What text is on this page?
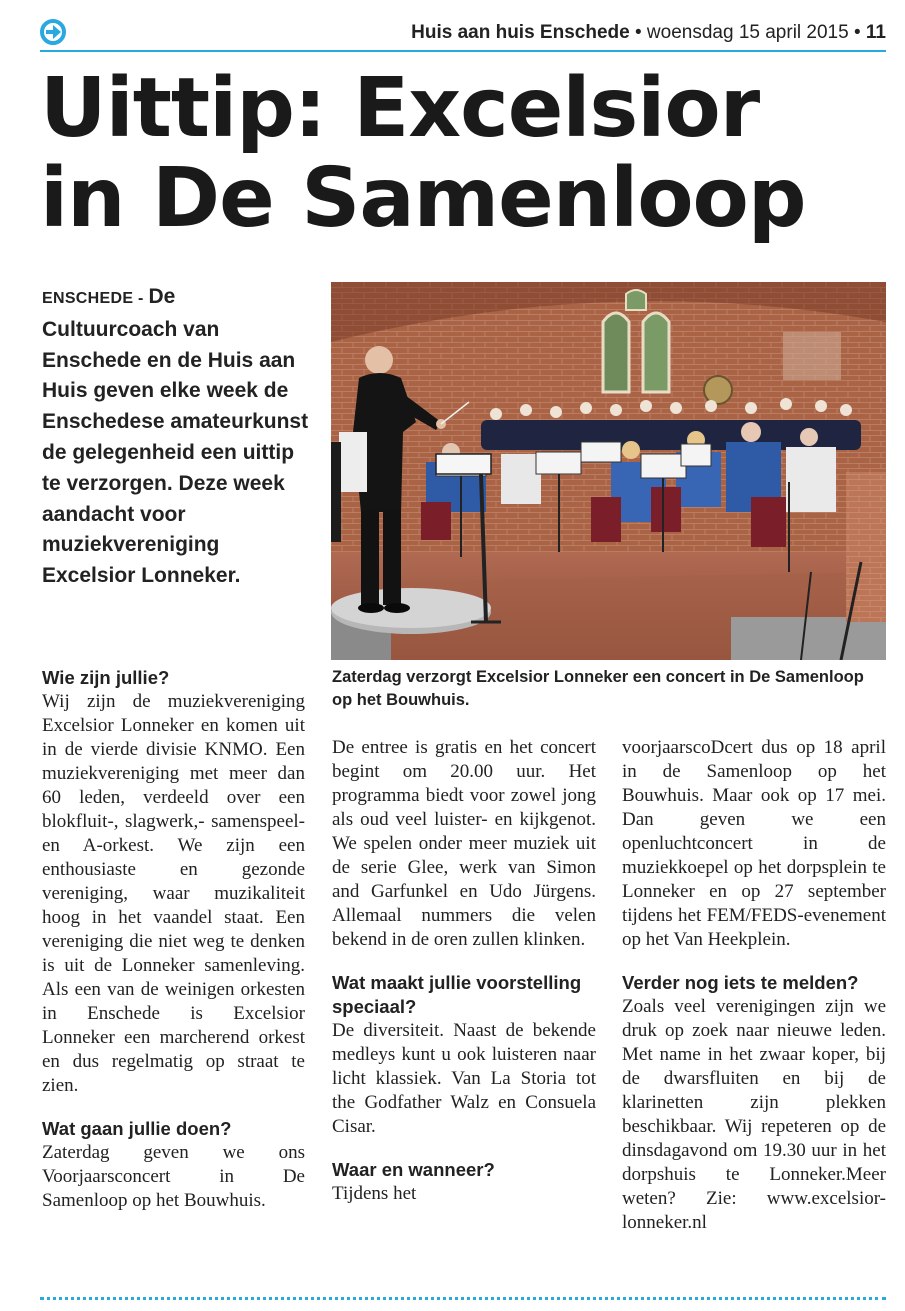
Huis aan huis Enschede • woensdag 15 april 2015 • 11
Uittip: Excelsior
in De Samenloop

ENSCHEDE - De Cultuurcoach van Enschede en de Huis aan Huis geven elke week de Enschedese amateurkunst de gelegenheid een uittip te verzorgen. Deze week aandacht voor muziekvereniging Excelsior Lonneker.

Zaterdag verzorgt Excelsior Lonneker een concert in De Samenloop op het Bouwhuis.

Wie zijn jullie?

Wij zijn de muziekvereniging Excelsior Lonneker en komen uit in de vierde divisie KNMO. Een muziekvereniging met meer dan 60 leden, verdeeld over een blokfluit-, slagwerk,- samenspeel- en A-orkest. We zijn een enthousiaste en gezonde vereniging, waar muzikaliteit hoog in het vaandel staat. Een vereniging die niet weg te denken is uit de Lonneker samenleving. Als een van de weinigen orkesten in Enschede is Excelsior Lonneker een marcherend orkest en dus regelmatig op straat te zien.

Wat gaan jullie doen?

Zaterdag geven we ons Voorjaarsconcert in De Samenloop op het Bouwhuis.

De entree is gratis en het concert begint om 20.00 uur. Het programma biedt voor zowel jong als oud veel luister- en kijkgenot. We spelen onder meer muziek uit de serie Glee, werk van Simon and Garfunkel en Udo Jürgens. Allemaal nummers die velen bekend in de oren zullen klinken.

Wat maakt jullie voorstelling speciaal?

De diversiteit. Naast de bekende medleys kunt u ook luisteren naar licht klassiek. Van La Storia tot the Godfather Walz en Consuela Cisar.

Waar en wanneer?

Tijdens het

voorjaarscoDcert dus op 18 april in de Samenloop op het Bouwhuis. Maar ook op 17 mei. Dan geven we een openluchtconcert in de muziekkoepel op het dorpsplein te Lonneker en op 27 september tijdens het FEM/FEDS-evenement op het Van Heekplein.

Verder nog iets te melden?

Zoals veel verenigingen zijn we druk op zoek naar nieuwe leden. Met name in het zwaar koper, bij de dwarsfluiten en bij de klarinetten zijn plekken beschikbaar. Wij repeteren op de dinsdagavond om 19.30 uur in het dorpshuis te Lonneker.Meer weten? Zie: www.excelsior-lonneker.nl
